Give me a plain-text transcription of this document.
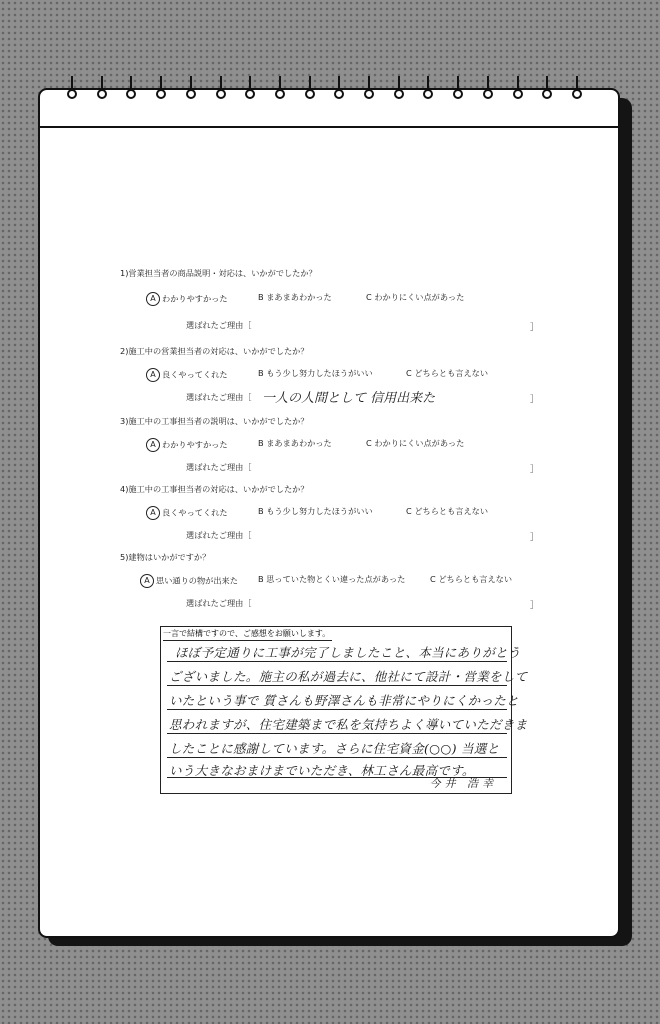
1)営業担当者の商品説明・対応は、いかがでしたか？
A わかりやすかった	B まあまあわかった	C わかりにくい点があった
選ばれたご理由［	］
2)施工中の営業担当者の対応は、いかがでしたか？
A 良くやってくれた	B もう少し努力したほうがいい	C どちらとも言えない
選ばれたご理由［ 一人の人間として 信用出来た	］
3)施工中の工事担当者の説明は、いかがでしたか？
A わかりやすかった	B まあまあわかった	C わかりにくい点があった
選ばれたご理由［	］
4)施工中の工事担当者の対応は、いかがでしたか？
A 良くやってくれた	B もう少し努力したほうがいい	C どちらとも言えない
選ばれたご理由［	］
5)建物はいかがですか？
A 思い通りの物が出来た B 思っていた物とくい違った点があった	C どちらとも言えない
選ばれたご理由［	］
一言で結構ですので、ご感想をお願いします。
ほぼ予定通りに工事が完了しましたこと、本当にありがとう
ございました。施主の私が過去に、他社にて設計・営業をして
いたという事で 質さんも野澤さんも非常にやりにくかったと
思われますが、住宅建築まで私を気持ちよく導いていただきま
したことに感謝しています。さらに住宅資金(○○) 当選と
いう大きなおまけまでいただき、林工さん最高です。
今井 浩幸
